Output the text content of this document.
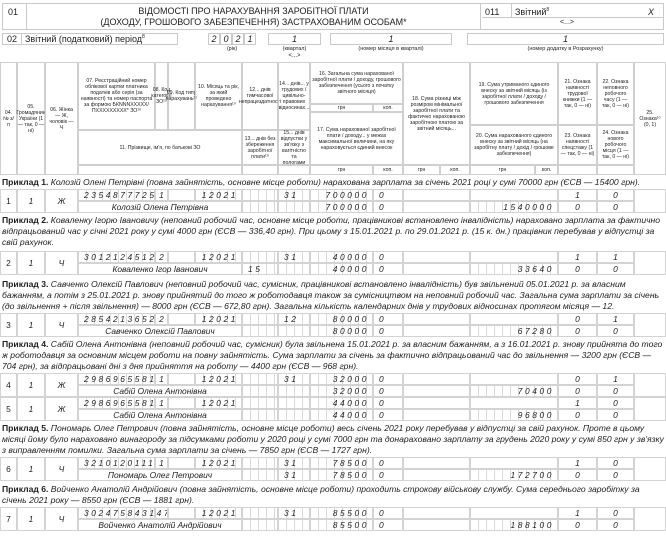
01	ВІДОМОСТІ ПРО НАРАХУВАННЯ ЗАРОБІТНОЇ ПЛАТИ
(ДОХОДУ, ГРОШОВОГО ЗАБЕЗПЕЧЕННЯ) ЗАСТРАХОВАНИМ ОСОБАМ*
011 Звітний$^8$	X
<...>
02 Звітний (податковий) період$^8$	2 0 2 1
(рік)
1
(квартал)
<...>
1
(номер місяця в кварталі)
1
(номер додатку в Розрахунку)
04. № з/п
05. Громадянин України (1 — так, 0 — ні)
06. Жінка — Ж, чоловік — Ч
07. Реєстраційний номер облікової картки платника податків або серія (за наявності) та номер паспорта за формою БКNNNXXXXX/ ПXXXXXXXXX* ЗО¹⁰
08. Код категорії ЗО¹⁰
09. Код типу нарахувань¹⁰
10. Місяць та рік, за який проведено нарахування¹⁰
12... днів тимчасової непрацездатності
14... днів... у трудових / цивільно-правових відносинах...
16. Загальна сума нарахованої заробітної плати / доходу, грошового забезпечення (усього з початку звітного місяця)
грн	коп.
17. Сума нарахованої заробітної плати / доходу... у межах максимальної величини, на яку нараховується єдиний внесок
18. Сума різниці між розміром мінімальної заробітної плати та фактично нарахованою заробітною платою за звітний місяць...
19. Сума утриманого єдиного внеску за звітний місяць (із заробітної плати / доходу / грошового забезпечення
20. Сума нарахованого єдиного внеску за звітний місяць (на заробітну плату / дохід / грошове забезпечення)
21. Ознака наявності трудової книжки (1 — так, 0 — ні)
22. Ознака неповного робочого часу (1 — так, 0 — ні)
23. Ознака наявності спецстажу (1 — так, 0 — ні)
24. Ознака нового робочого місця (1 — так, 0 — ні)
25. Ознака¹⁰ (0, 1)
11. Прізвище, ім'я, по батькові ЗО
13... днів без збереження заробітної плати¹⁰
15... днів відпустки у зв'язку з вагітністю та пологами
грн	коп.	грн	коп.	грн	коп.
Приклад 1. Колозій Олені Петрівні (повна зайнятість, основне місце роботи) нарахована зарплата за січень 2021 році у сумі 70000 грн (ЄСВ — 15400 грн).
1	1	Ж
2354877725 1	12021	31	700000	0	1	0
Колозій Олена Петрівна	700000	0	1540000	0	0
Приклад 2. Коваленку Ігорю Івановичу (неповний робочий час, основне місце роботи, працівникові встановлено інвалідність) нараховано зарплата за фактично відпрацьований час у січні 2021 року у сумі 4000 грн (ЄСВ — 336,40 грн). При цьому з 15.01.2021 р. по 29.01.2021 р. (15 к. дн.) працівник перебував у відпустці за свій рахунок.
2	1	Ч
3012124512 2	12021	31	40000	0	1	1
Коваленко Ігор Іванович	15	40000	0	33640	0	0
Приклад 3. Савченко Олексій Павлович (неповний робочий час, сумісник, працівникові встановлено інвалідність) був звільнений 05.01.2021 р. за власним бажанням, а потім з 25.01.2021 р. знову прийнятий до того ж роботодавця також за сумісництвом на неповний робочий час. Загальна сума зарплати за січень (до звільнення + після звільнення) — 8000 грн (ЄСВ — 672,80 грн). Загальна кількість календарних днів у трудових відносинах протягом місяця — 12.
3	1	Ч
2854213652 2	12021	12	80000	0	0	1
Савченко Олексій Павлович	80000	0	67280	0	0
Приклад 4. Сабій Олена Антонівна (неповний робочий час, сумісник) була звільнена 15.01.2021 р. за власним бажанням, а з 16.01.2021 р. знову прийнята до того ж роботодавця за основним місцем роботи на повну зайнятість. Сума зарплати за січень за фактично відпрацьований час до звільнення — 3200 грн (ЄСВ — 704 грн), за відпрацьовані дні з дня прийняття на роботу — 4400 грн (ЄСВ — 968 грн).
4	1	Ж
2986965581 1	12021	31	32000	0	0	1
Сабій Олена Антонівна	32000	0	70400	0	0
5	1	Ж
2986965581 1	12021	44000	0	1	0
Сабій Олена Антонівна	44000	0	96800	0	0
Приклад 5. Пономарь Олег Петрович (повна зайнятість, основне місце роботи) весь січень 2021 року перебував у відпустці за свій рахунок. Проте в цьому місяці йому було нараховано винагороду за підсумками роботи у 2020 році у сумі 7000 грн та донараховано зарплату за грудень 2020 року у сумі 850 грн у зв'язку з виправленням помилки. Загальна сума зарплати за січень — 7850 грн (ЄСВ — 1727 грн).
6	1	Ч
3210120111 1	12021	31	78500	0	1	0
Пономарь Олег Петрович	31	78500	0	172700	0	0
Приклад 6. Войченко Анатолій Андрійович (повна зайнятість, основне місце роботи) проходить строкову військову службу. Сума середнього заробітку за січень 2021 року — 8550 грн (ЄСВ — 1881 грн).
7	1	Ч
302475843147	12021	31	85500	0	1	0
Войченко Анатолій Андрійович	85500	0	188100	0	0
